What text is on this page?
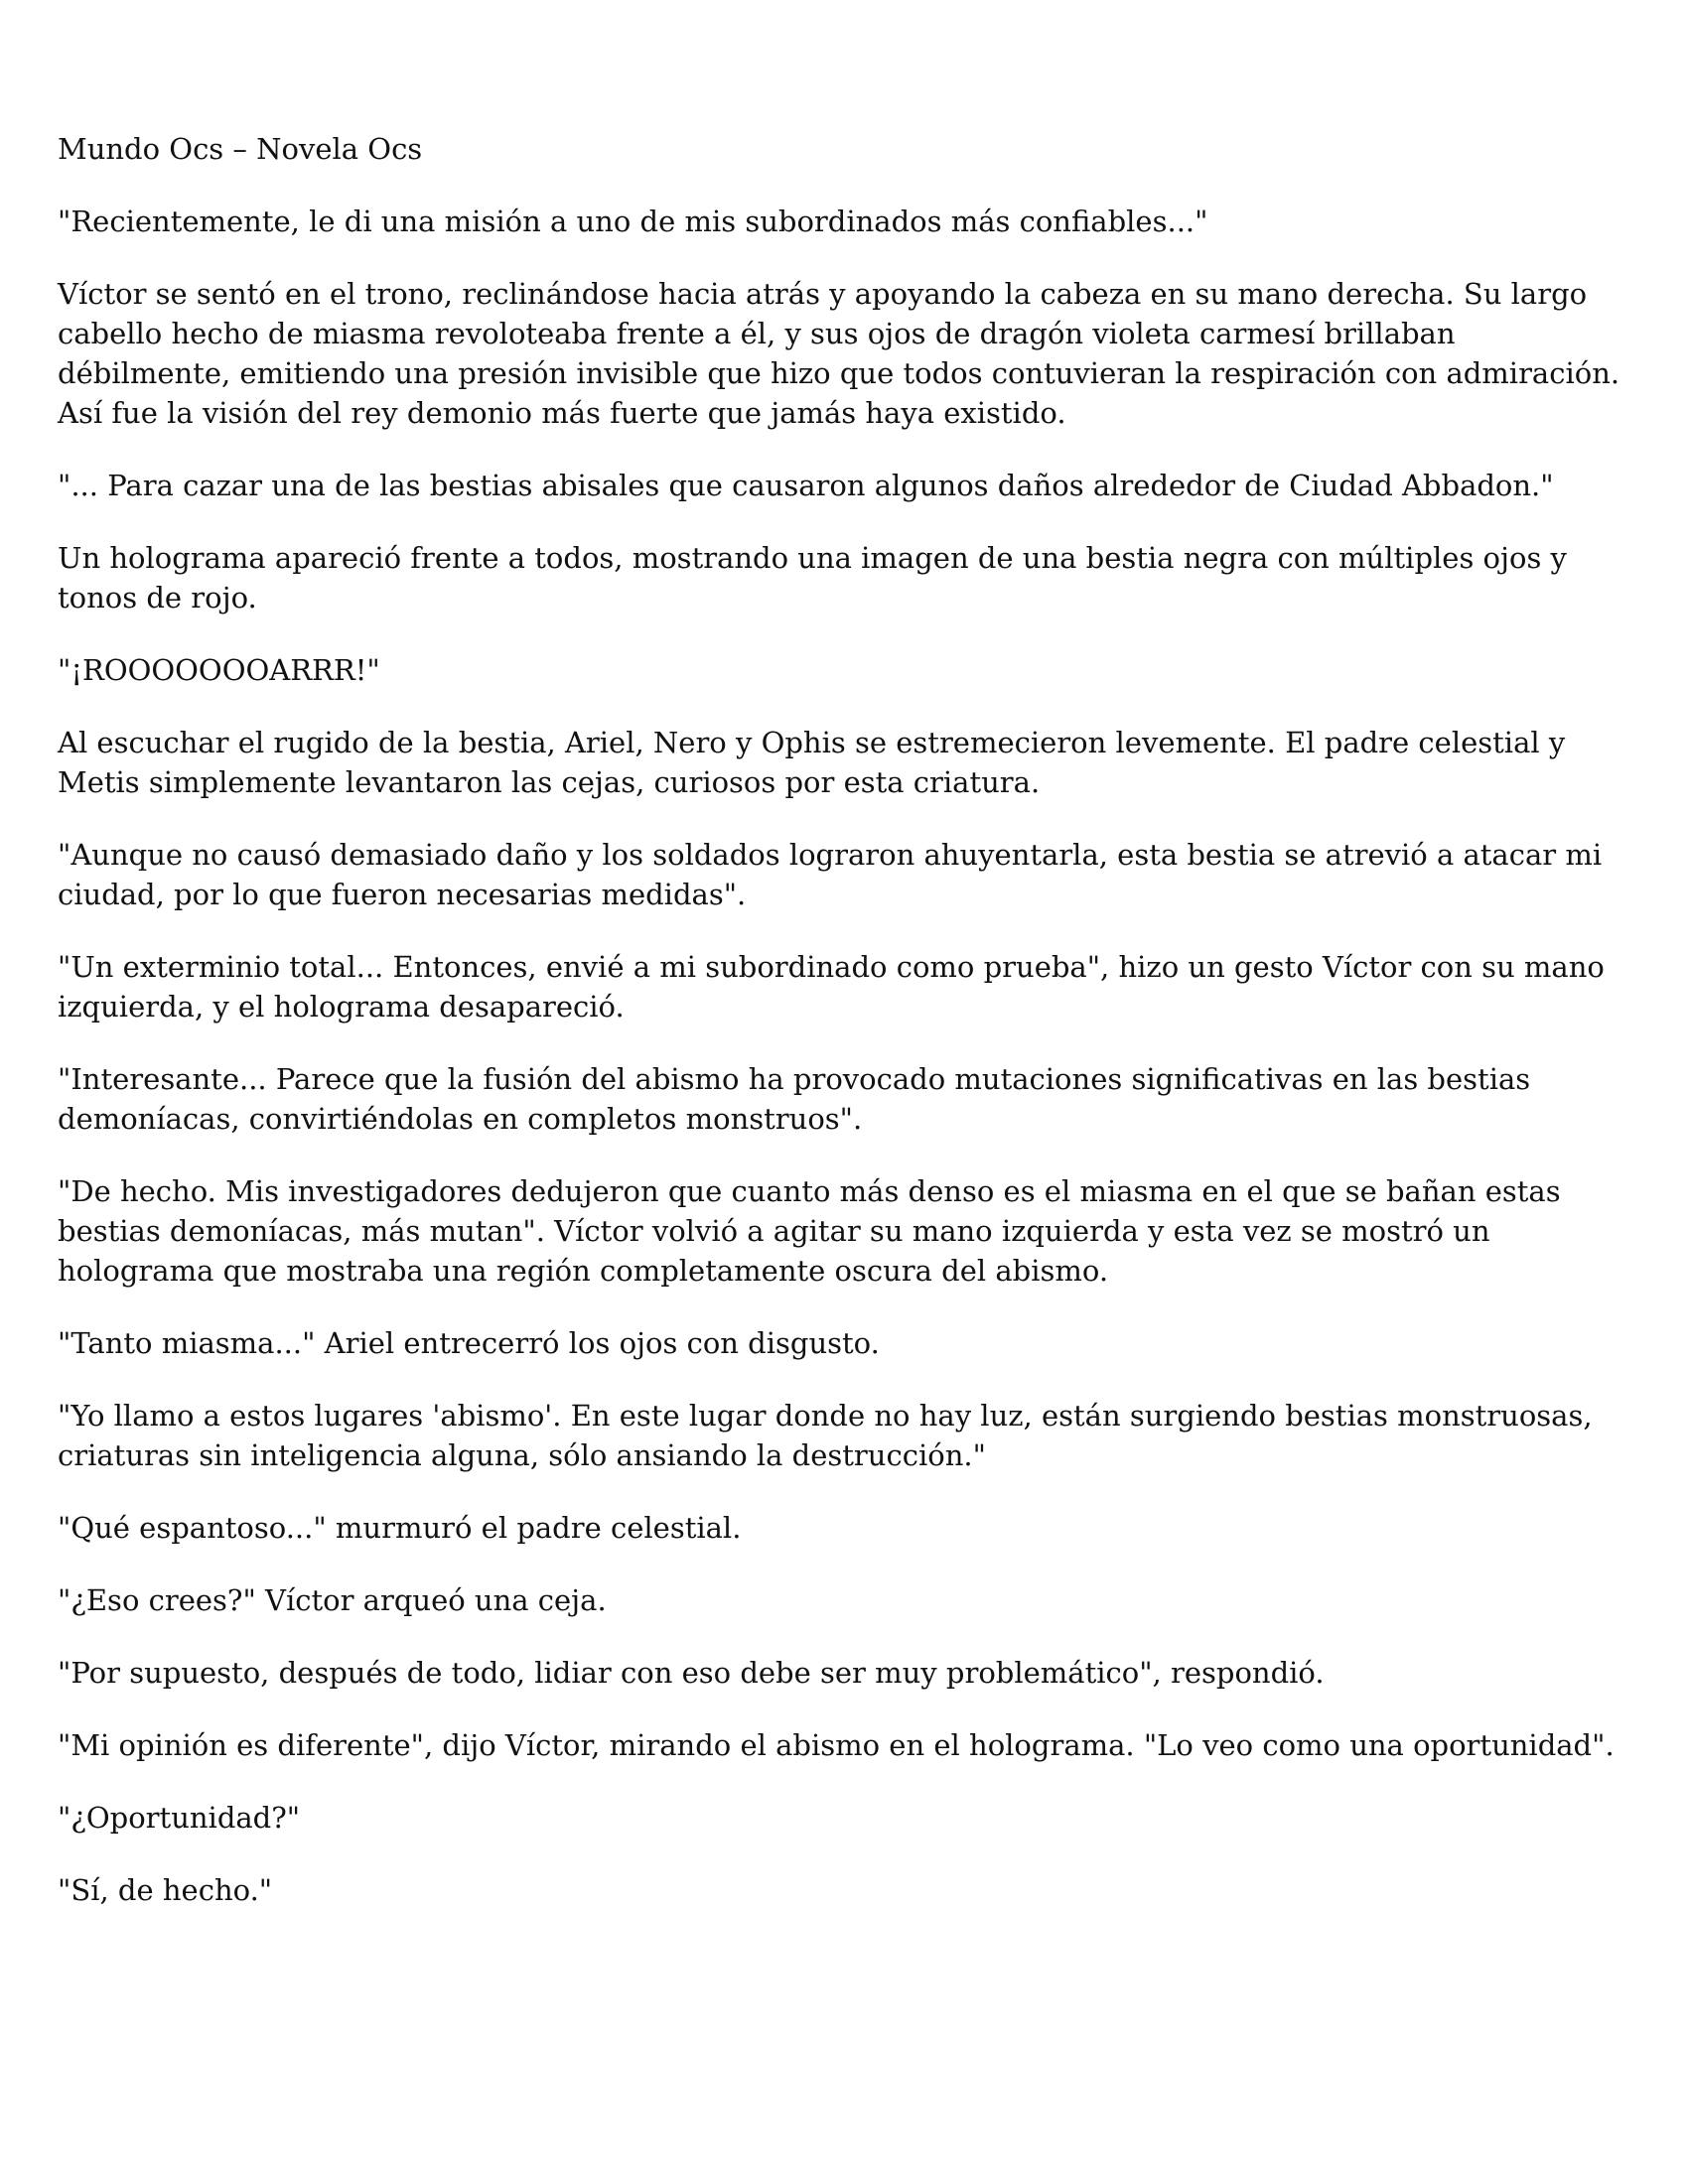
Mundo Ocs – Novela Ocs

"Recientemente, le di una misión a uno de mis subordinados más confiables..."

Víctor se sentó en el trono, reclinándose hacia atrás y apoyando la cabeza en su mano derecha. Su largo cabello hecho de miasma revoloteaba frente a él, y sus ojos de dragón violeta carmesí brillaban débilmente, emitiendo una presión invisible que hizo que todos contuvieran la respiración con admiración. Así fue la visión del rey demonio más fuerte que jamás haya existido.

"... Para cazar una de las bestias abisales que causaron algunos daños alrededor de Ciudad Abbadon."

Un holograma apareció frente a todos, mostrando una imagen de una bestia negra con múltiples ojos y tonos de rojo.

"¡ROOOOOOOARRR!"

Al escuchar el rugido de la bestia, Ariel, Nero y Ophis se estremecieron levemente. El padre celestial y Metis simplemente levantaron las cejas, curiosos por esta criatura.

"Aunque no causó demasiado daño y los soldados lograron ahuyentarla, esta bestia se atrevió a atacar mi ciudad, por lo que fueron necesarias medidas".

"Un exterminio total... Entonces, envié a mi subordinado como prueba", hizo un gesto Víctor con su mano izquierda, y el holograma desapareció.

"Interesante... Parece que la fusión del abismo ha provocado mutaciones significativas en las bestias demoníacas, convirtiéndolas en completos monstruos".

"De hecho. Mis investigadores dedujeron que cuanto más denso es el miasma en el que se bañan estas bestias demoníacas, más mutan". Víctor volvió a agitar su mano izquierda y esta vez se mostró un holograma que mostraba una región completamente oscura del abismo.

"Tanto miasma..." Ariel entrecerró los ojos con disgusto.

"Yo llamo a estos lugares 'abismo'. En este lugar donde no hay luz, están surgiendo bestias monstruosas, criaturas sin inteligencia alguna, sólo ansiando la destrucción."

"Qué espantoso..." murmuró el padre celestial.

"¿Eso crees?" Víctor arqueó una ceja.

"Por supuesto, después de todo, lidiar con eso debe ser muy problemático", respondió.

"Mi opinión es diferente", dijo Víctor, mirando el abismo en el holograma. "Lo veo como una oportunidad".

"¿Oportunidad?"

"Sí, de hecho."
